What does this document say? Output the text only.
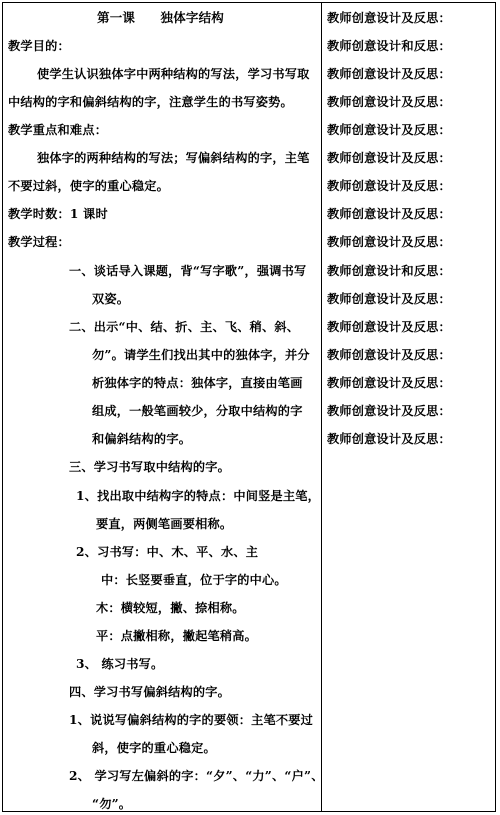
第一课　　独体字结构
教学目的：
使学生认识独体字中两种结构的写法，学习书写取
中结构的字和偏斜结构的字，注意学生的书写姿势。
教学重点和难点：
独体字的两种结构的写法；写偏斜结构的字，主笔
不要过斜，使字的重心稳定。
教学时数：1 课时
教学过程：
一、谈话导入课题，背“写字歌”，强调书写
双姿。
二、出示“中、结、折、主、飞、稍、斜、
勿”。请学生们找出其中的独体字，并分
析独体字的特点：独体字，直接由笔画
组成，一般笔画较少，分取中结构的字
和偏斜结构的字。
三、学习书写取中结构的字。
1、找出取中结构字的特点：中间竖是主笔，
要直，两侧笔画要相称。
2、习书写：中、木、平、水、主
中：长竖要垂直，位于字的中心。
木：横较短，撇、捺相称。
平：点撇相称，撇起笔稍高。
3、 练习书写。
四、学习书写偏斜结构的字。
1、说说写偏斜结构的字的要领：主笔不要过
斜，使字的重心稳定。
2、 学习写左偏斜的字：“夕”、“力”、“户”、
“勿”。
教师创意设计及反思：
教师创意设计和反思：
教师创意设计及反思：
教师创意设计及反思：
教师创意设计及反思：
教师创意设计及反思：
教师创意设计及反思：
教师创意设计及反思：
教师创意设计及反思：
教师创意设计和反思：
教师创意设计及反思：
教师创意设计及反思：
教师创意设计及反思：
教师创意设计及反思：
教师创意设计及反思：
教师创意设计及反思：
